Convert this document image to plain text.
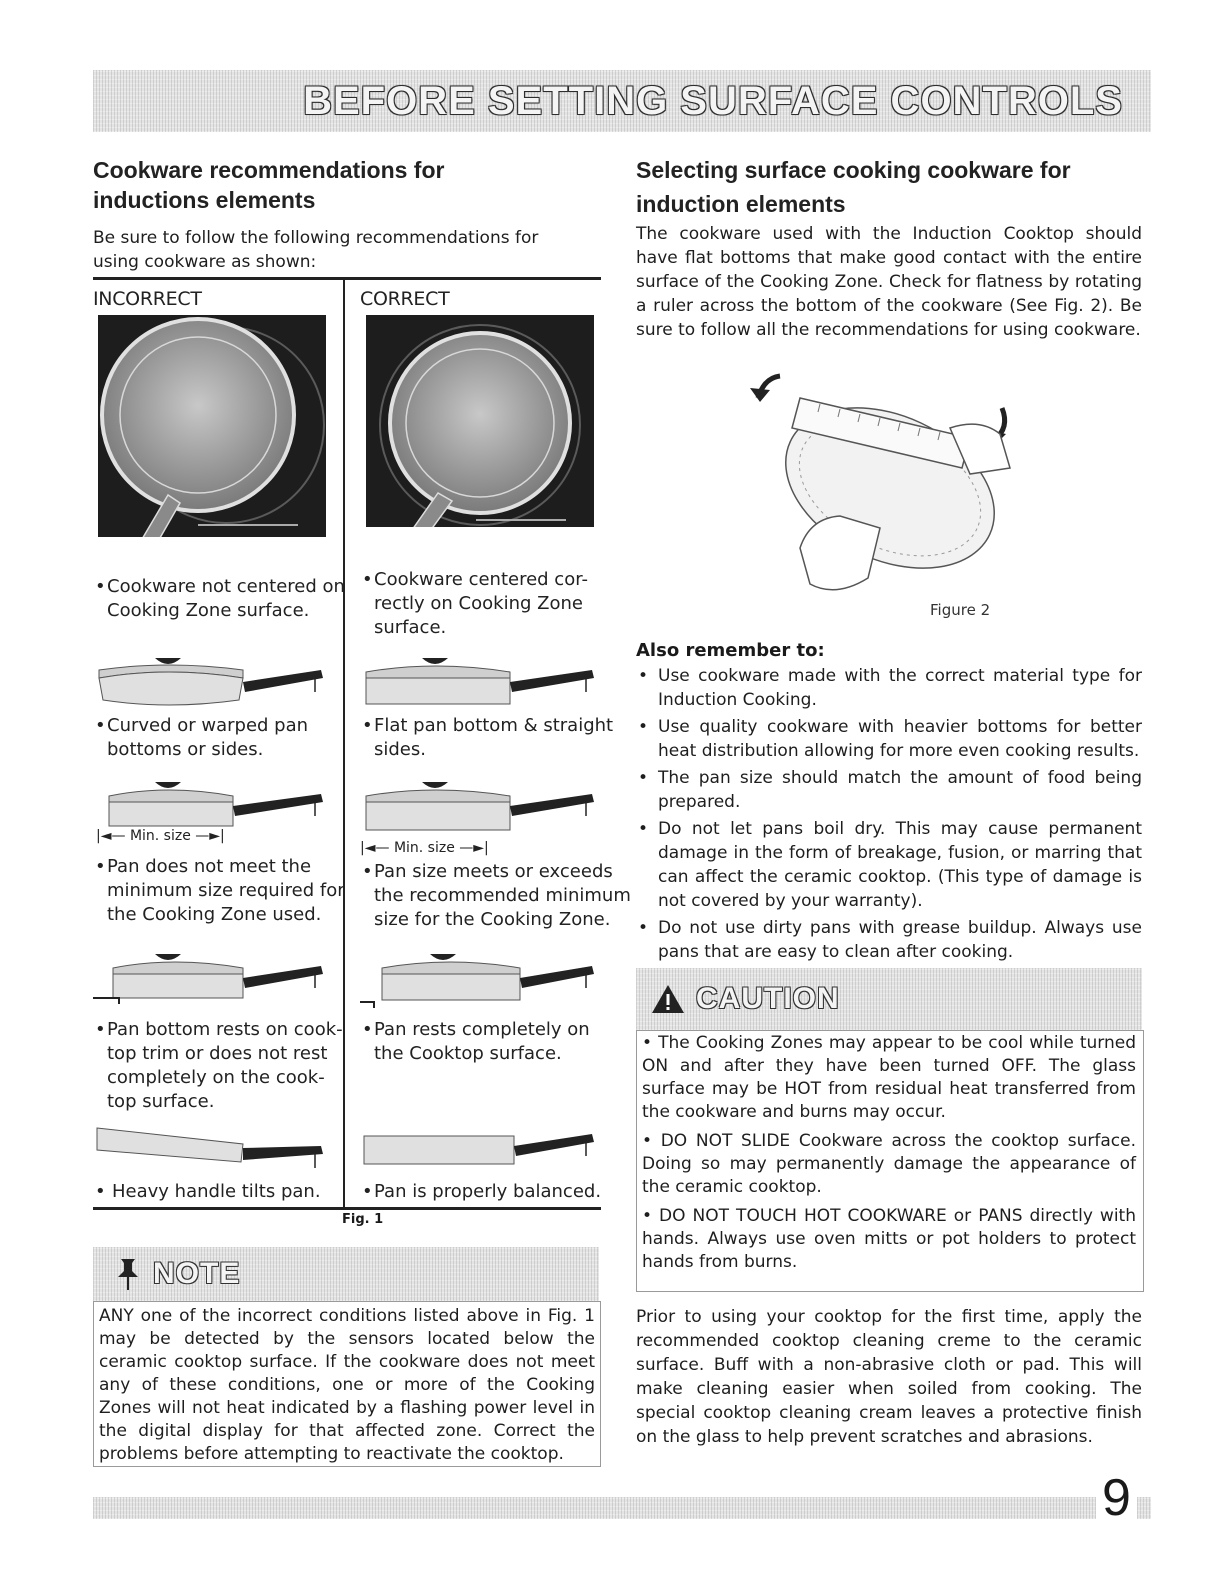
BEFORE SETTING SURFACE CONTROLS
Cookware recommendations for
inductions elements
Be sure to follow the following recommendations for
using cookware as shown:
INCORRECT	CORRECT
• Cookware not centered on
Cooking Zone surface.
• Cookware centered cor-
rectly on Cooking Zone
surface.
• Curved or warped pan
bottoms or sides.
• Flat pan bottom & straight
sides.
|◄— Min. size —►|
|◄— Min. size —►|
• Pan does not meet the
minimum size required for
the Cooking Zone used.
• Pan size meets or exceeds
the recommended minimum
size for the Cooking Zone.
• Pan bottom rests on cook-
top trim or does not rest
completely on the cook-
top surface.
• Pan rests completely on
the Cooktop surface.
• Heavy handle tilts pan. • Pan is properly balanced.
Fig. 1
NOTE

ANY one of the incorrect conditions listed above in Fig. 1 may be detected by the sensors located below the ceramic cooktop surface. If the cookware does not meet any of these conditions, one or more of the Cooking Zones will not heat indicated by a flashing power level in the digital display for that affected zone. Correct the problems before attempting to reactivate the cooktop.

Selecting surface cooking cookware for
induction elements

The cookware used with the Induction Cooktop should have flat bottoms that make good contact with the entire surface of the Cooking Zone. Check for flatness by rotating a ruler across the bottom of the cookware (See Fig. 2). Be sure to follow all the recommendations for using cookware.

Figure 2
Also remember to:
• Use cookware made with the correct material type for Induction Cooking.
• Use quality cookware with heavier bottoms for better heat distribution allowing for more even cooking results.
• The pan size should match the amount of food being prepared.
• Do not let pans boil dry. This may cause permanent damage in the form of breakage, fusion, or marring that can affect the ceramic cooktop. (This type of damage is not covered by your warranty).
• Do not use dirty pans with grease buildup. Always use pans that are easy to clean after cooking.
CAUTION

• The Cooking Zones may appear to be cool while turned ON and after they have been turned OFF. The glass surface may be HOT from residual heat transferred from the cookware and burns may occur.

• DO NOT SLIDE Cookware across the cooktop surface. Doing so may permanently damage the appearance of the ceramic cooktop.

• DO NOT TOUCH HOT COOKWARE or PANS directly with hands. Always use oven mitts or pot holders to protect hands from burns.

Prior to using your cooktop for the first time, apply the recommended cooktop cleaning creme to the ceramic surface. Buff with a non-abrasive cloth or pad. This will make cleaning easier when soiled from cooking. The special cooktop cleaning cream leaves a protective finish on the glass to help prevent scratches and abrasions.

9
